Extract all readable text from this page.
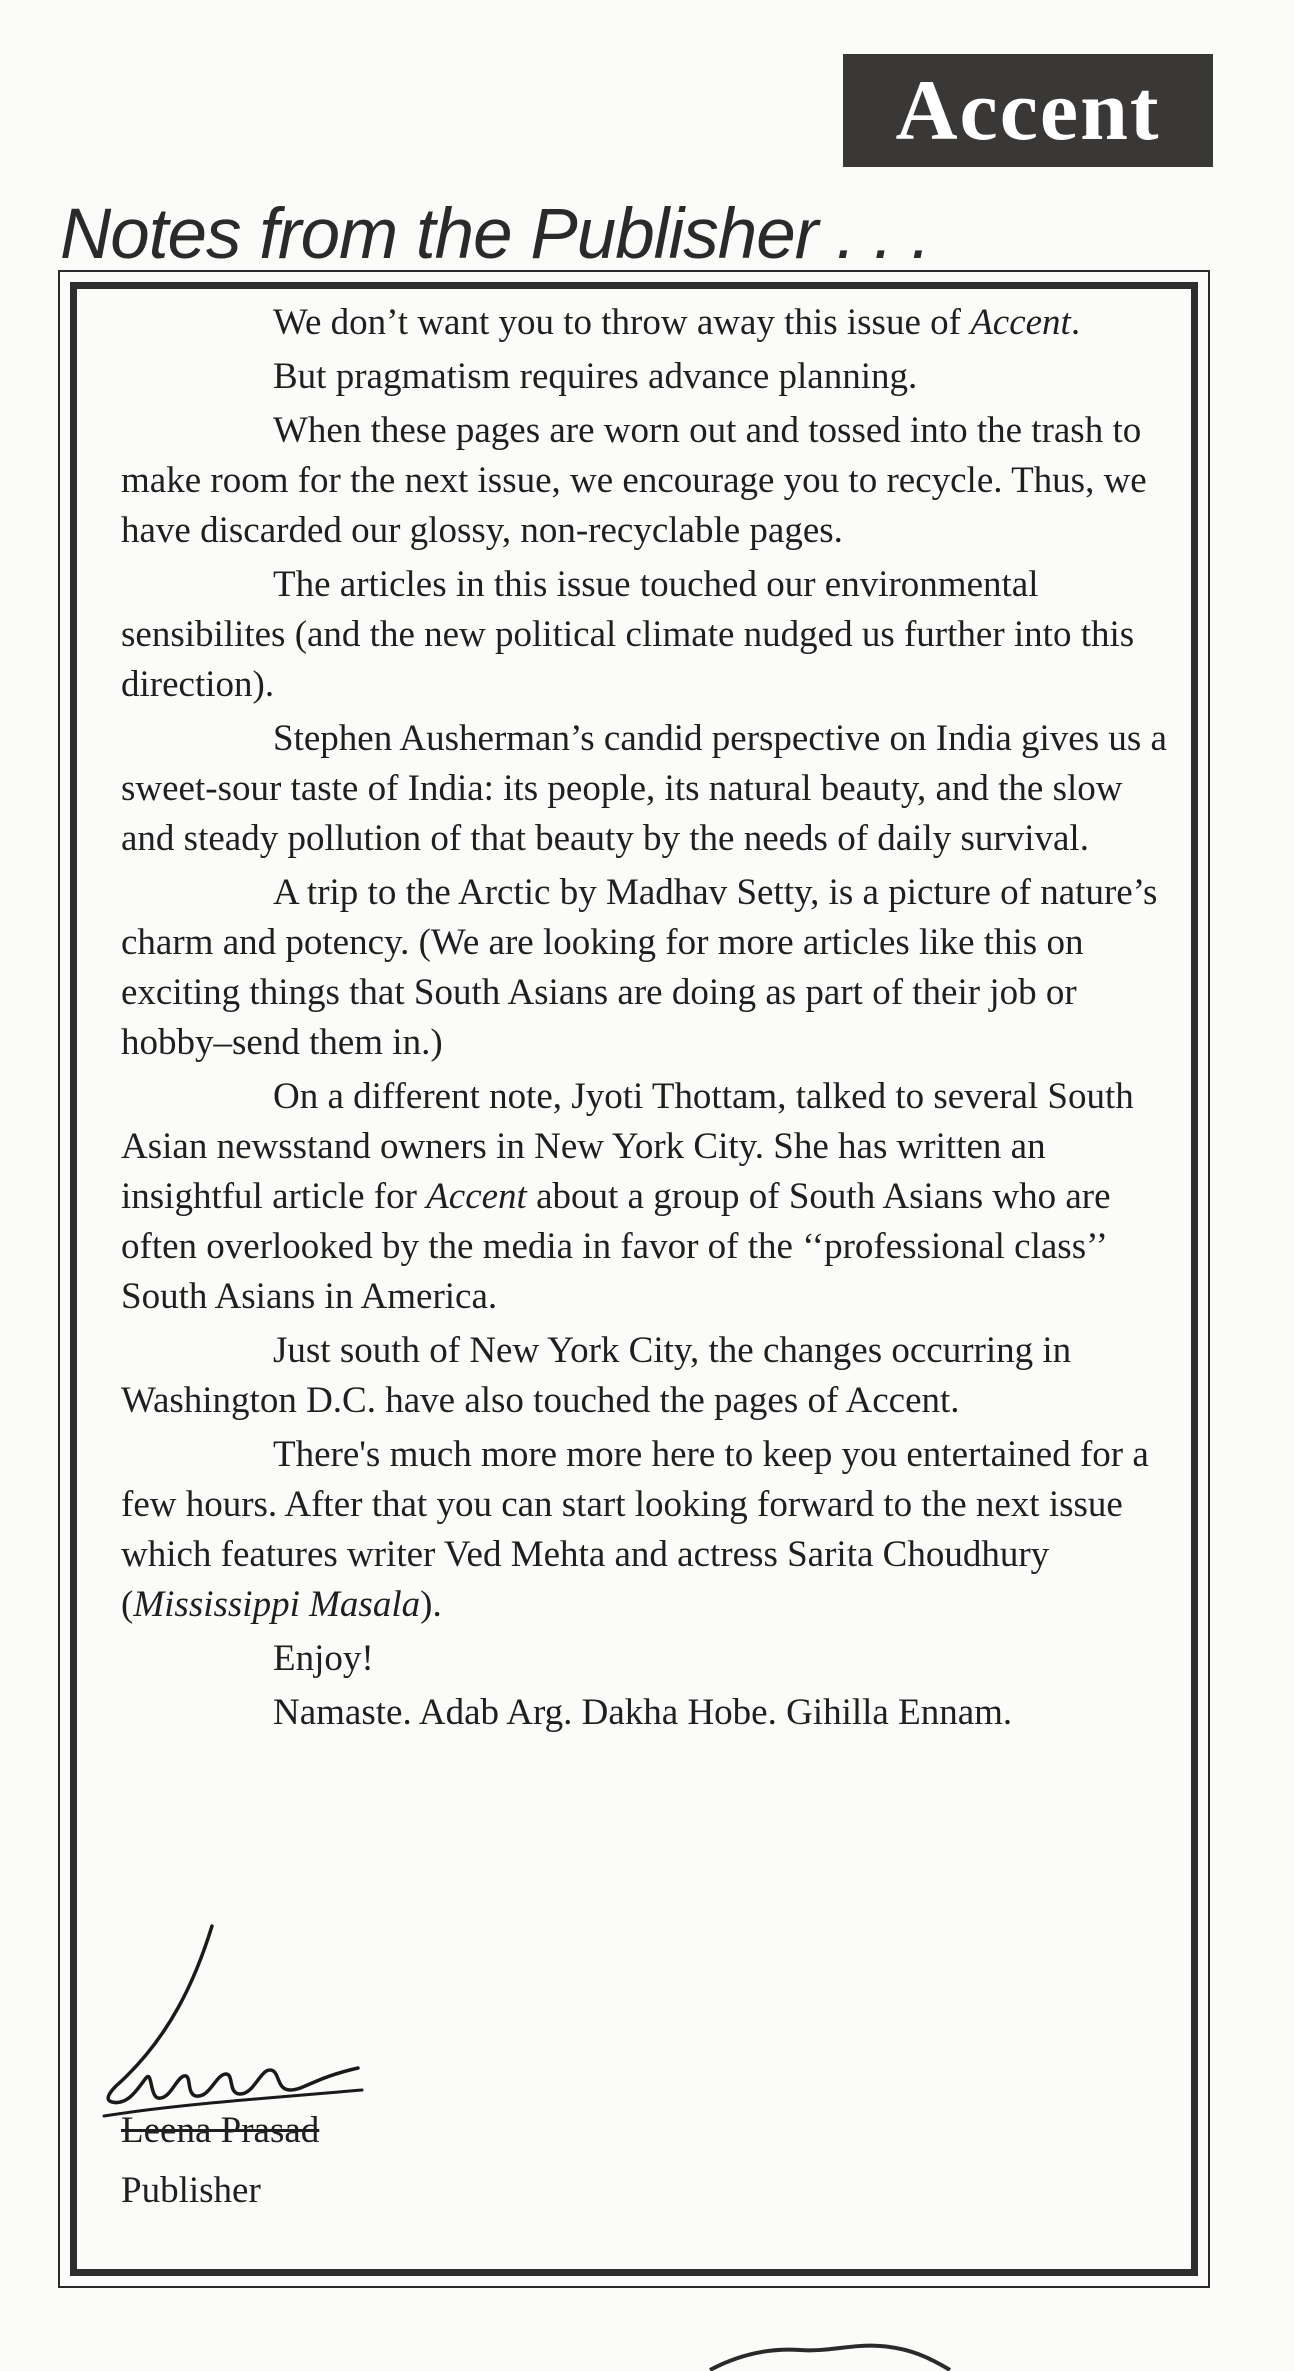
Accent
Notes from the Publisher . . .

We don’t want you to throw away this issue of Accent.

But pragmatism requires advance planning.

When these pages are worn out and tossed into the trash to make room for the next issue, we encourage you to recycle. Thus, we have discarded our glossy, non-recyclable pages.

The articles in this issue touched our environmental sensibilites (and the new political climate nudged us further into this direction).

Stephen Ausherman’s candid perspective on India gives us a sweet-sour taste of India: its people, its natural beauty, and the slow and steady pollution of that beauty by the needs of daily survival.

A trip to the Arctic by Madhav Setty, is a picture of nature’s charm and potency. (We are looking for more articles like this on exciting things that South Asians are doing as part of their job or hobby–send them in.)

On a different note, Jyoti Thottam, talked to several South Asian newsstand owners in New York City. She has written an insightful article for Accent about a group of South Asians who are often overlooked by the media in favor of the ‘‘professional class’’ South Asians in America.

Just south of New York City, the changes occurring in Washington D.C. have also touched the pages of Accent.

There's much more more here to keep you entertained for a few hours. After that you can start looking forward to the next issue which features writer Ved Mehta and actress Sarita Choudhury (Mississippi Masala).

Enjoy!

Namaste. Adab Arg. Dakha Hobe. Gihilla Ennam.

Leena Prasad
Publisher
